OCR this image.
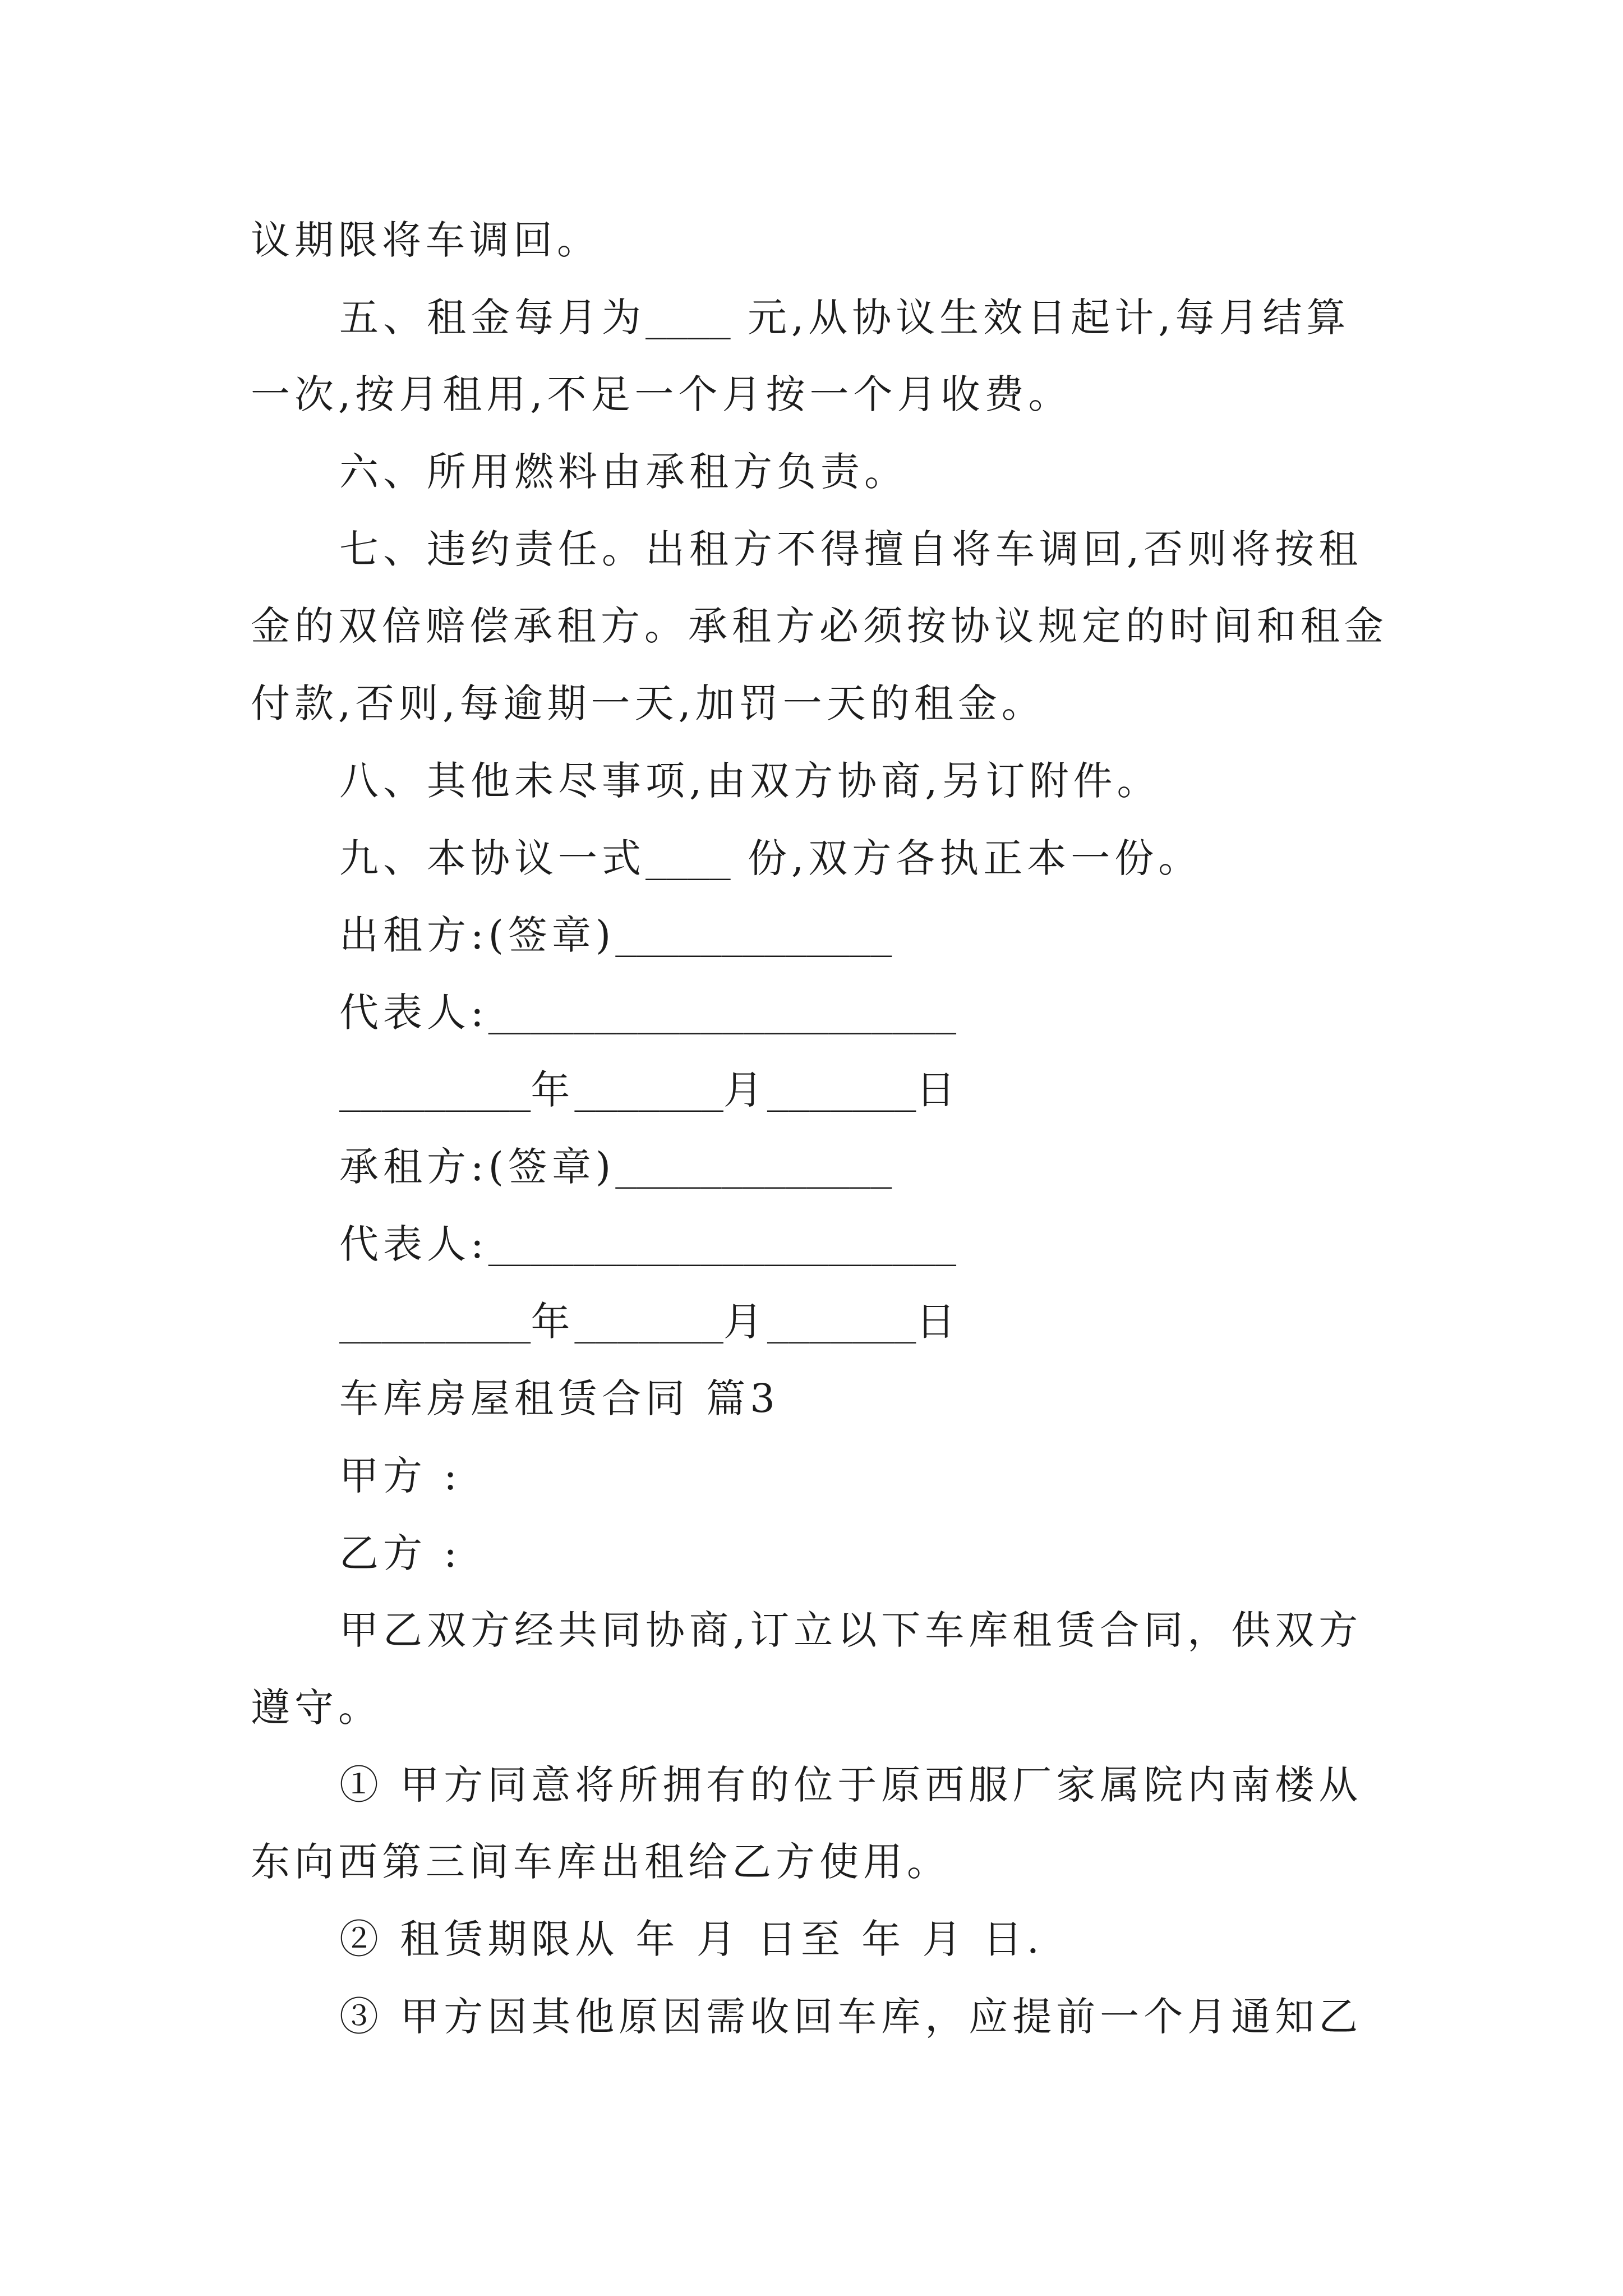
议期限将车调回。
五、租金每月为____ 元,从协议生效日起计,每月结算
一次,按月租用,不足一个月按一个月收费。
六、所用燃料由承租方负责。
七、违约责任。出租方不得擅自将车调回,否则将按租
金的双倍赔偿承租方。承租方必须按协议规定的时间和租金
付款,否则,每逾期一天,加罚一天的租金。
八、其他未尽事项,由双方协商,另订附件。
九、本协议一式____ 份,双方各执正本一份。
出租方:(签章)_____________
代表人:______________________
_________年_______月_______日
承租方:(签章)_____________
代表人:______________________
_________年_______月_______日
车库房屋租赁合同 篇3
甲方 :
乙方 :
甲乙双方经共同协商,订立以下车库租赁合同，供双方
遵守。
① 甲方同意将所拥有的位于原西服厂家属院内南楼从
东向西第三间车库出租给乙方使用。
② 租赁期限从 年 月 日至 年 月 日.
③ 甲方因其他原因需收回车库，应提前一个月通知乙
